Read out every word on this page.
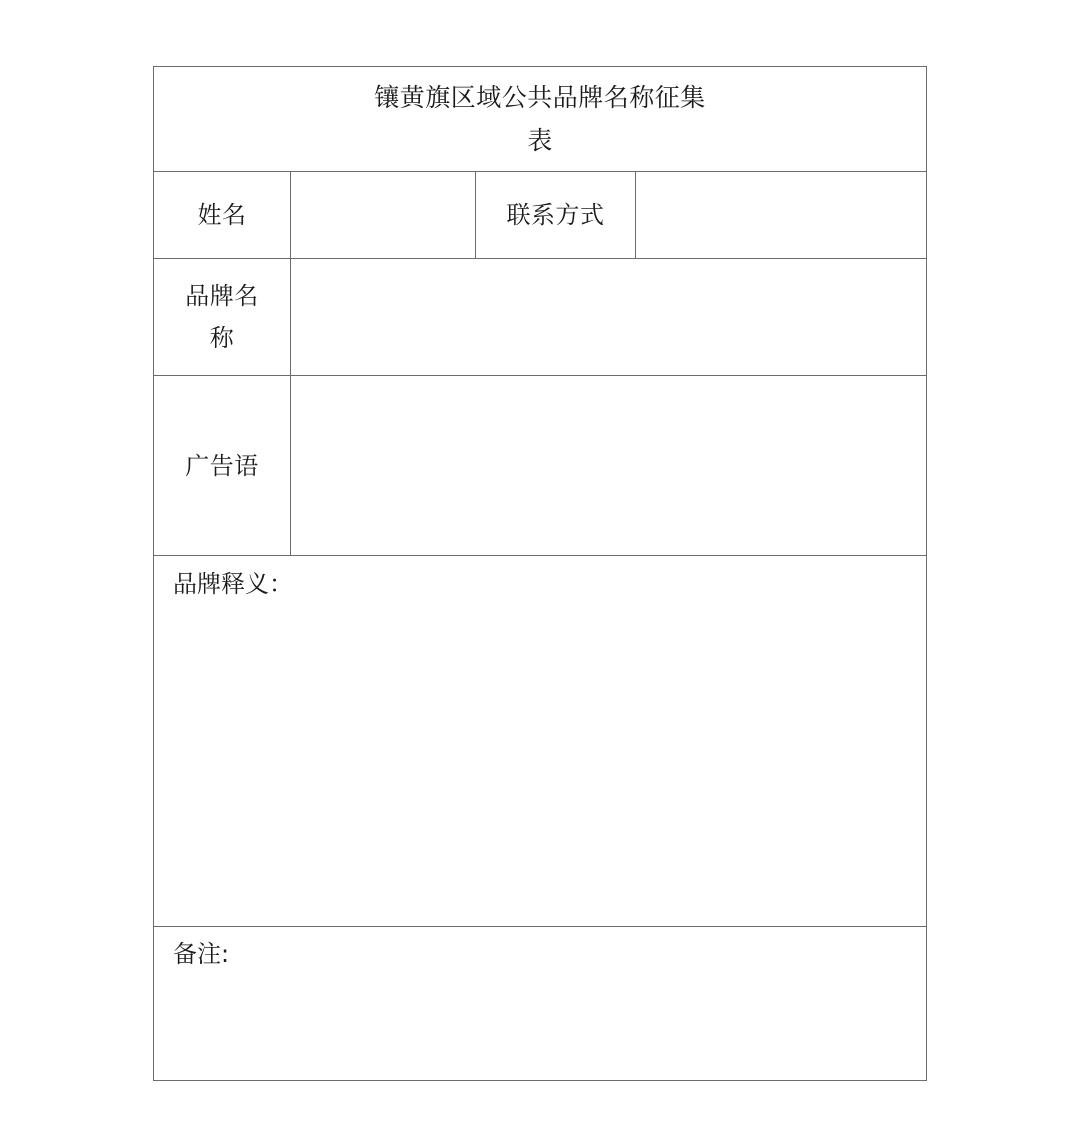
镶黄旗区域公共品牌名称征集
表
姓名	联系方式
品牌名
称
广告语
品牌释义：
备注:
